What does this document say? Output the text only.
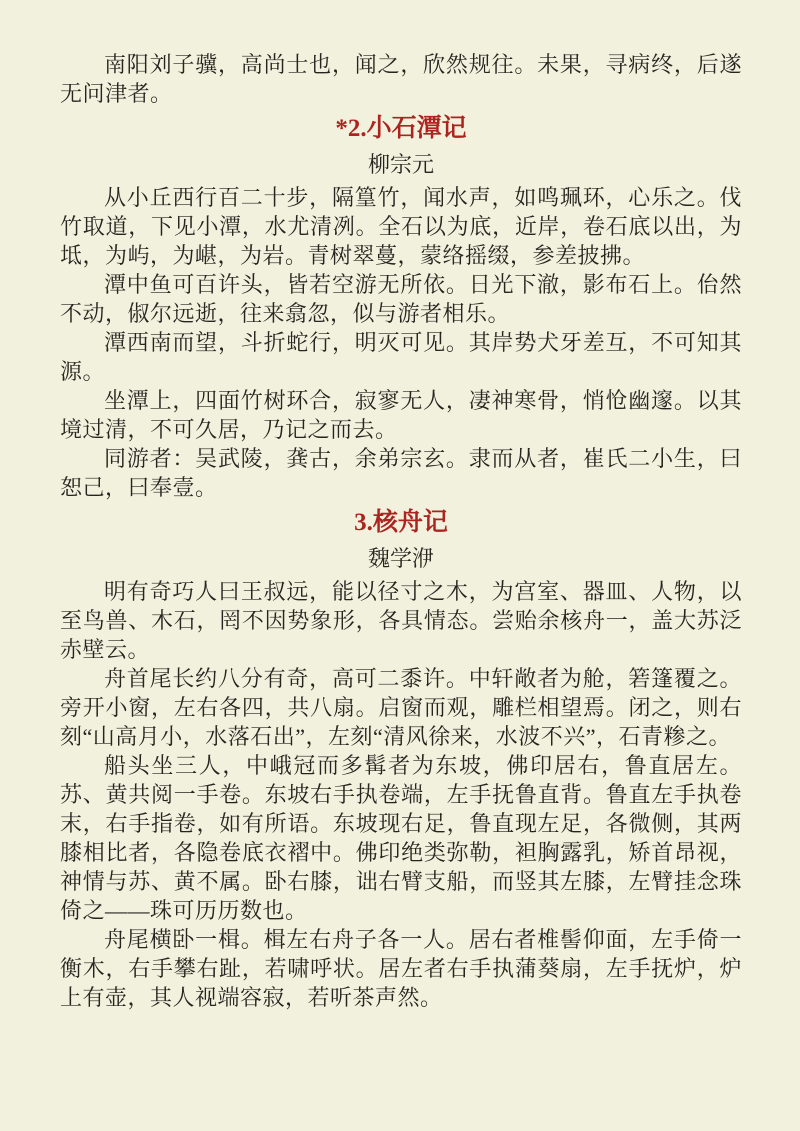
南阳刘子骥，高尚士也，闻之，欣然规往。未果，寻病终，后遂无问津者。

*2.小石潭记

柳宗元

从小丘西行百二十步，隔篁竹，闻水声，如鸣珮环，心乐之。伐竹取道，下见小潭，水尤清冽。全石以为底，近岸，卷石底以出，为坻，为屿，为嵁，为岩。青树翠蔓，蒙络摇缀，参差披拂。

潭中鱼可百许头，皆若空游无所依。日光下澈，影布石上。佁然不动，俶尔远逝，往来翕忽，似与游者相乐。

潭西南而望，斗折蛇行，明灭可见。其岸势犬牙差互，不可知其源。

坐潭上，四面竹树环合，寂寥无人，凄神寒骨，悄怆幽邃。以其境过清，不可久居，乃记之而去。

同游者：吴武陵，龚古，余弟宗玄。隶而从者，崔氏二小生，曰恕己，曰奉壹。

3.核舟记

魏学洢

明有奇巧人曰王叔远，能以径寸之木，为宫室、器皿、人物，以至鸟兽、木石，罔不因势象形，各具情态。尝贻余核舟一，盖大苏泛赤壁云。

舟首尾长约八分有奇，高可二黍许。中轩敞者为舱，箬篷覆之。旁开小窗，左右各四，共八扇。启窗而观，雕栏相望焉。闭之，则右刻“山高月小，水落石出”，左刻“清风徐来，水波不兴”，石青糁之。

船头坐三人，中峨冠而多髯者为东坡，佛印居右，鲁直居左。苏、黄共阅一手卷。东坡右手执卷端，左手抚鲁直背。鲁直左手执卷末，右手指卷，如有所语。东坡现右足，鲁直现左足，各微侧，其两膝相比者，各隐卷底衣褶中。佛印绝类弥勒，袒胸露乳，矫首昂视，神情与苏、黄不属。卧右膝，诎右臂支船，而竖其左膝，左臂挂念珠倚之——珠可历历数也。

舟尾横卧一楫。楫左右舟子各一人。居右者椎髻仰面，左手倚一衡木，右手攀右趾，若啸呼状。居左者右手执蒲葵扇，左手抚炉，炉上有壶，其人视端容寂，若听茶声然。
